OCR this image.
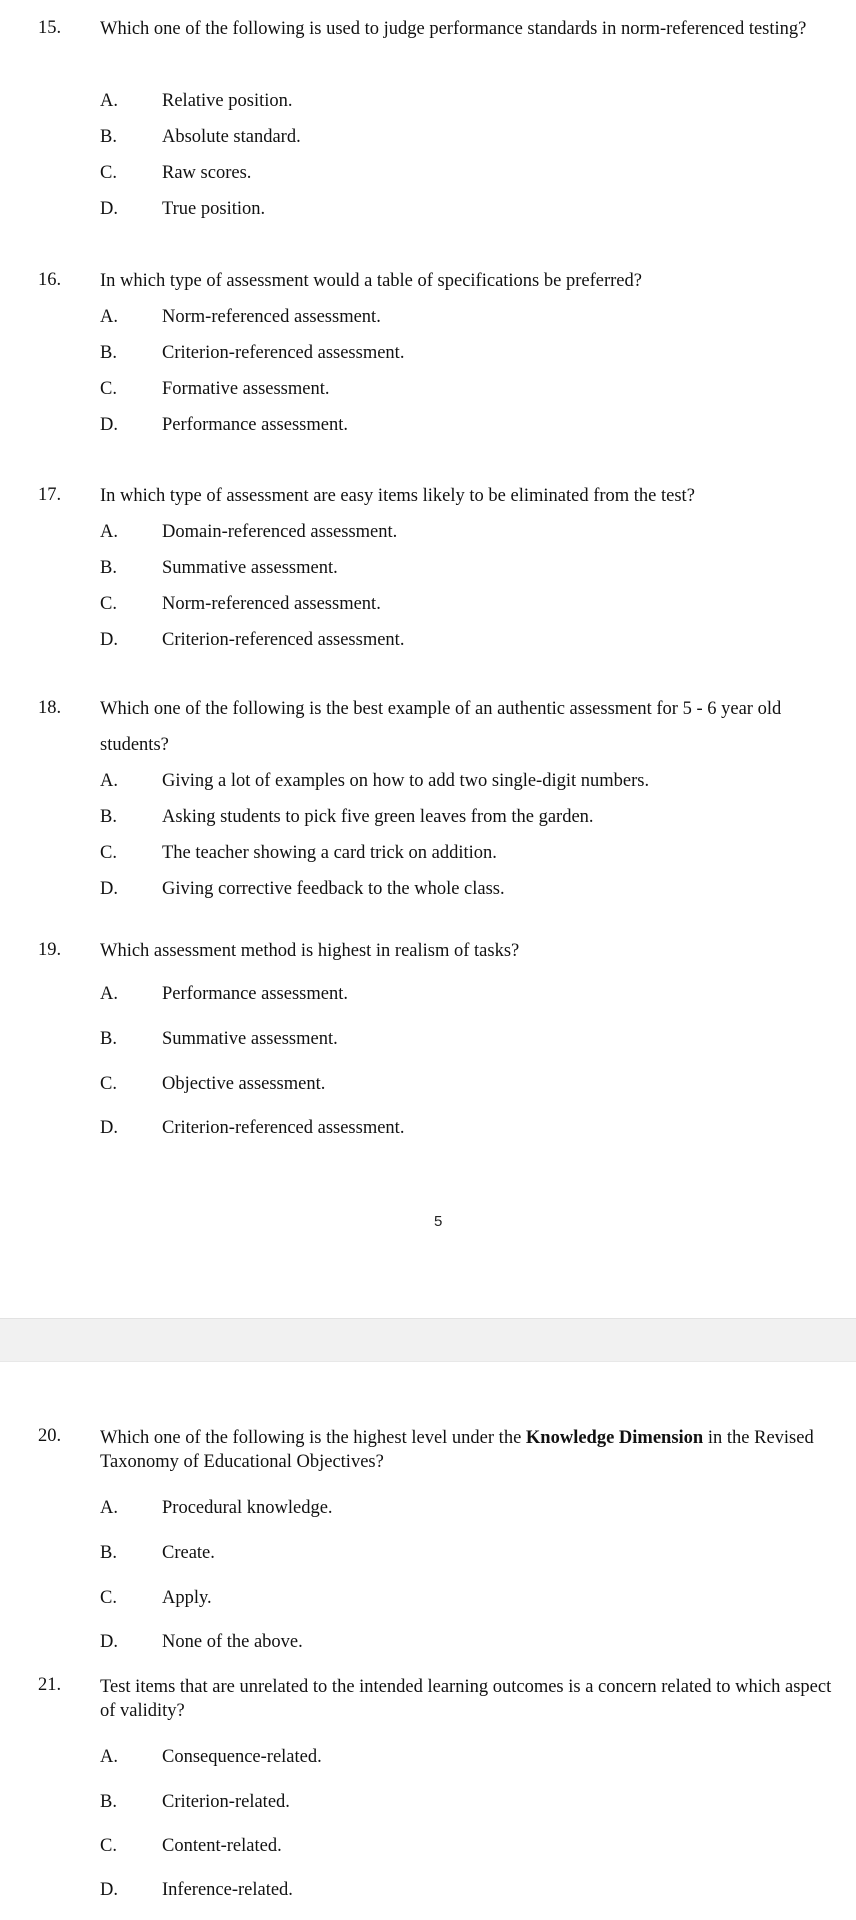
15. Which one of the following is used to judge performance standards in norm-referenced testing?
A. Relative position.
B. Absolute standard.
C. Raw scores.
D. True position.
16. In which type of assessment would a table of specifications be preferred?
A. Norm-referenced assessment.
B. Criterion-referenced assessment.
C. Formative assessment.
D. Performance assessment.
17. In which type of assessment are easy items likely to be eliminated from the test?
A. Domain-referenced assessment.
B. Summative assessment.
C. Norm-referenced assessment.
D. Criterion-referenced assessment.
18. Which one of the following is the best example of an authentic assessment for 5 - 6 year old students?
A. Giving a lot of examples on how to add two single-digit numbers.
B. Asking students to pick five green leaves from the garden.
C. The teacher showing a card trick on addition.
D. Giving corrective feedback to the whole class.
19. Which assessment method is highest in realism of tasks?
A. Performance assessment.
B. Summative assessment.
C. Objective assessment.
D. Criterion-referenced assessment.
5
20. Which one of the following is the highest level under the Knowledge Dimension in the Revised Taxonomy of Educational Objectives?
A. Procedural knowledge.
B. Create.
C. Apply.
D. None of the above.
21. Test items that are unrelated to the intended learning outcomes is a concern related to which aspect of validity?
A. Consequence-related.
B. Criterion-related.
C. Content-related.
D. Inference-related.
